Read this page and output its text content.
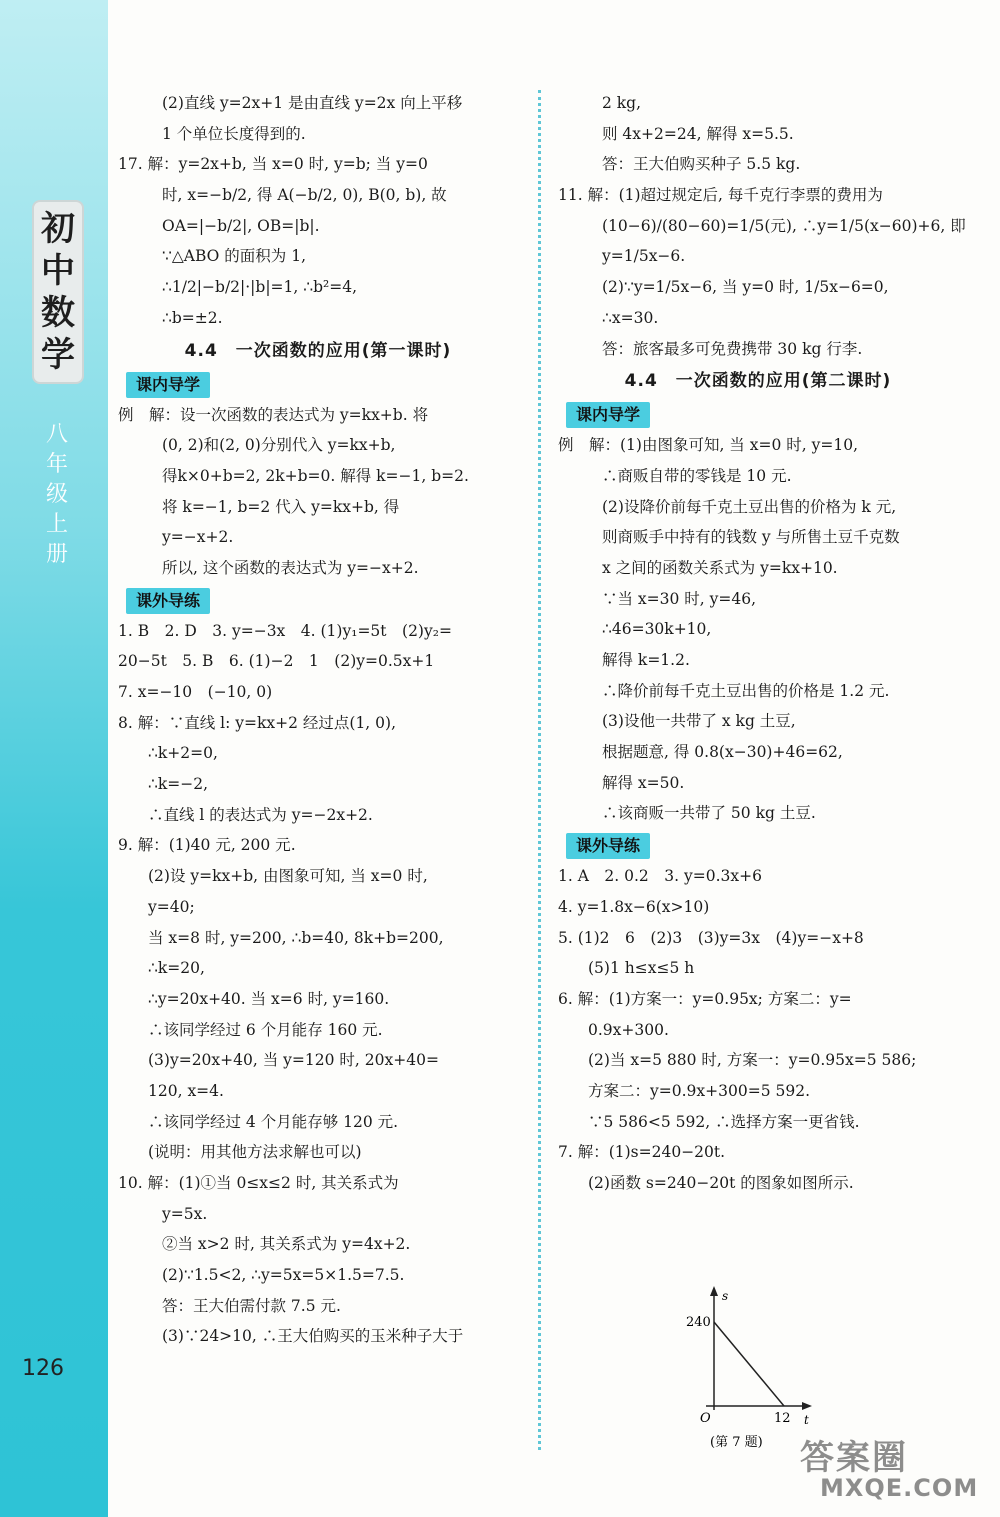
初
中
数
学
八年级上册
126
(2)直线 y=2x+1 是由直线 y=2x 向上平移
1 个单位长度得到的.
17. 解：y=2x+b, 当 x=0 时, y=b; 当 y=0
时, x=−b/2, 得 A(−b/2, 0), B(0, b), 故
OA=|−b/2|, OB=|b|.
∵△ABO 的面积为 1,
∴1/2|−b/2|·|b|=1, ∴b²=4,
∴b=±2.
4.4　一次函数的应用(第一课时)
课内导学
例　解：设一次函数的表达式为 y=kx+b. 将
(0, 2)和(2, 0)分别代入 y=kx+b,
得k×0+b=2, 2k+b=0. 解得 k=−1, b=2.
将 k=−1, b=2 代入 y=kx+b, 得
y=−x+2.
所以, 这个函数的表达式为 y=−x+2.
课外导练
1. B　2. D　3. y=−3x　4. (1)y₁=5t　(2)y₂=
20−5t　5. B　6. (1)−2　1　(2)y=0.5x+1
7. x=−10　(−10, 0)
8. 解：∵直线 l: y=kx+2 经过点(1, 0),
∴k+2=0,
∴k=−2,
∴直线 l 的表达式为 y=−2x+2.
9. 解：(1)40 元, 200 元.
(2)设 y=kx+b, 由图象可知, 当 x=0 时,
y=40;
当 x=8 时, y=200, ∴b=40, 8k+b=200,
∴k=20,
∴y=20x+40. 当 x=6 时, y=160.
∴该同学经过 6 个月能存 160 元.
(3)y=20x+40, 当 y=120 时, 20x+40=
120, x=4.
∴该同学经过 4 个月能存够 120 元.
(说明：用其他方法求解也可以)
10. 解：(1)①当 0≤x≤2 时, 其关系式为
y=5x.
②当 x>2 时, 其关系式为 y=4x+2.
(2)∵1.5<2, ∴y=5x=5×1.5=7.5.
答：王大伯需付款 7.5 元.
(3)∵24>10, ∴王大伯购买的玉米种子大于
2 kg,
则 4x+2=24, 解得 x=5.5.
答：王大伯购买种子 5.5 kg.
11. 解：(1)超过规定后, 每千克行李票的费用为
(10−6)/(80−60)=1/5(元), ∴y=1/5(x−60)+6, 即
y=1/5x−6.
(2)∵y=1/5x−6, 当 y=0 时, 1/5x−6=0,
∴x=30.
答：旅客最多可免费携带 30 kg 行李.
4.4　一次函数的应用(第二课时)
课内导学
例　解：(1)由图象可知, 当 x=0 时, y=10,
∴商贩自带的零钱是 10 元.
(2)设降价前每千克土豆出售的价格为 k 元,
则商贩手中持有的钱数 y 与所售土豆千克数
x 之间的函数关系式为 y=kx+10.
∵当 x=30 时, y=46,
∴46=30k+10,
解得 k=1.2.
∴降价前每千克土豆出售的价格是 1.2 元.
(3)设他一共带了 x kg 土豆,
根据题意, 得 0.8(x−30)+46=62,
解得 x=50.
∴该商贩一共带了 50 kg 土豆.
课外导练
1. A　2. 0.2　3. y=0.3x+6
4. y=1.8x−6(x>10)
5. (1)2　6　(2)3　(3)y=3x　(4)y=−x+8
(5)1 h≤x≤5 h
6. 解：(1)方案一：y=0.95x; 方案二：y=
0.9x+300.
(2)当 x=5 880 时, 方案一：y=0.95x=5 586;
方案二：y=0.9x+300=5 592.
∵5 586<5 592, ∴选择方案一更省钱.
7. 解：(1)s=240−20t.
(2)函数 s=240−20t 的图象如图所示.
s
t
240
12
O
(第 7 题) 答案圈
MXQE.COM
